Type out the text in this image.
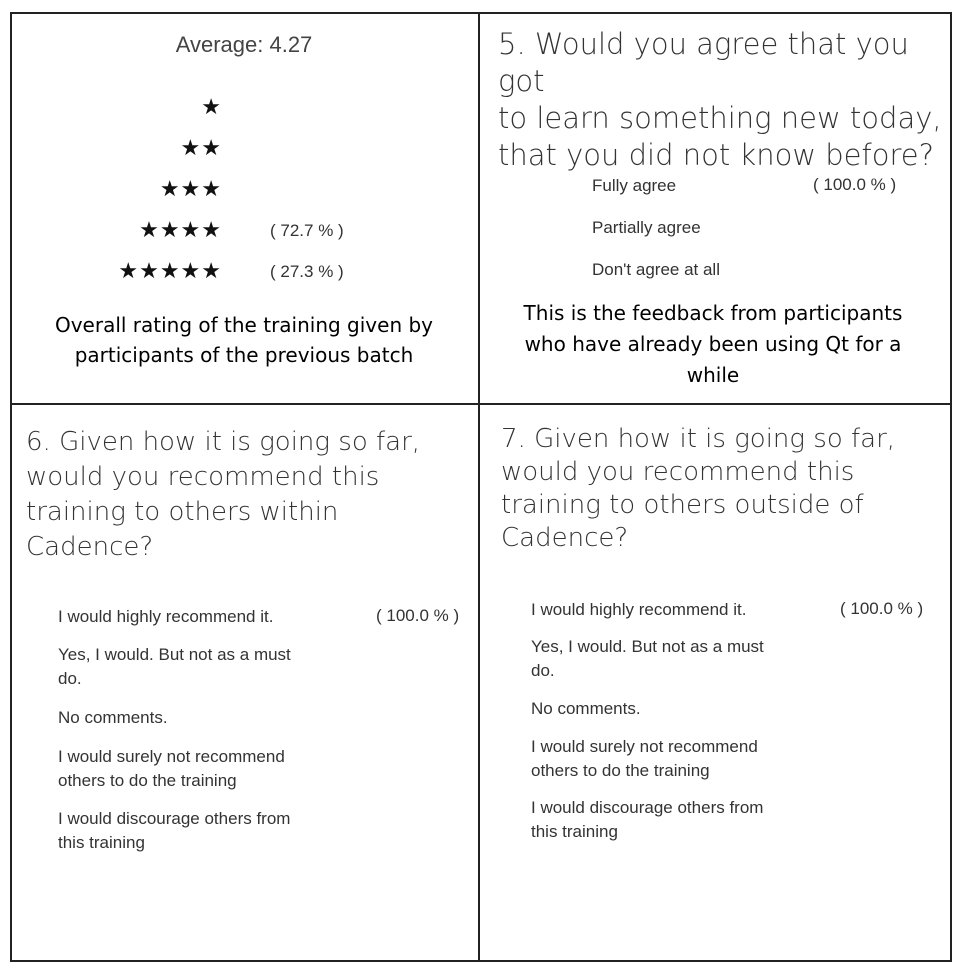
Average: 4.27
★
★★
★★★
★★★★	( 72.7 % )
★★★★★	( 27.3 % )
Overall rating of the training given by
participants of the previous batch
5. Would you agree that you got
to learn something new today,
that you did not know before?
Fully agree	( 100.0 % )
Partially agree
Don't agree at all
This is the feedback from participants
who have already been using Qt for a
while
6. Given how it is going so far,
would you recommend this
training to others within
Cadence?
I would highly recommend it.	( 100.0 % )
Yes, I would. But not as a must
do.
No comments.
I would surely not recommend
others to do the training
I would discourage others from
this training
7. Given how it is going so far,
would you recommend this
training to others outside of
Cadence?
I would highly recommend it.	( 100.0 % )
Yes, I would. But not as a must
do.
No comments.
I would surely not recommend
others to do the training
I would discourage others from
this training
